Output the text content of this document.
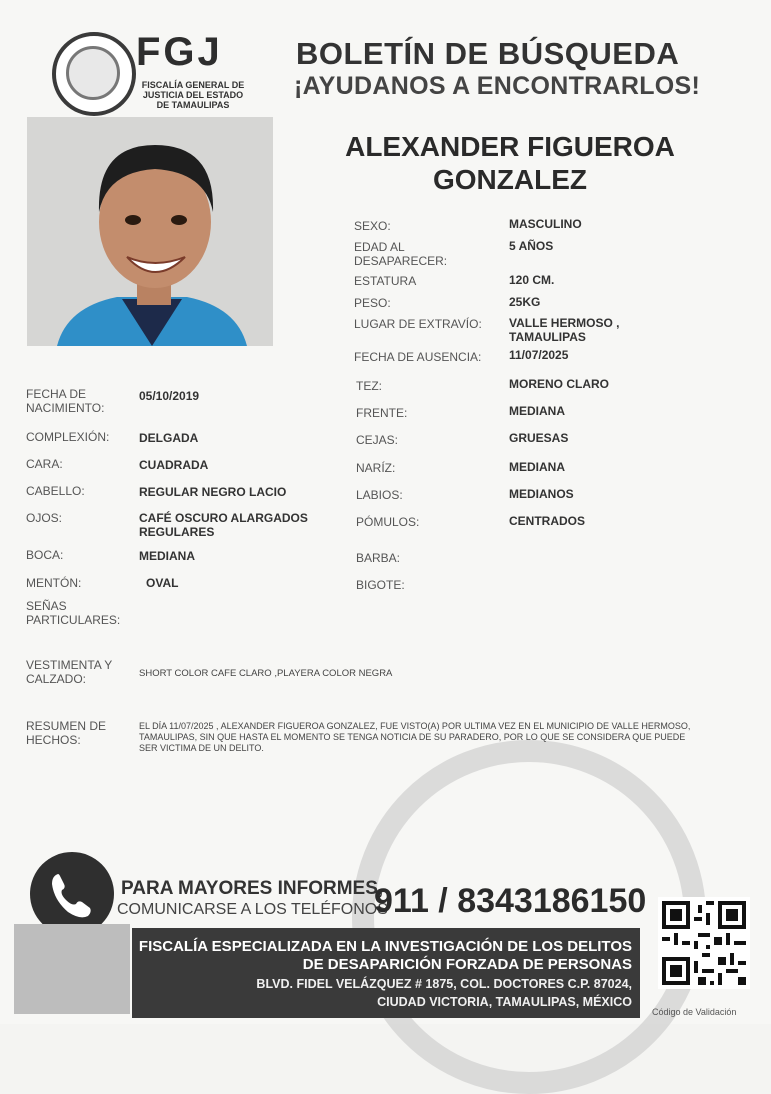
FGJ
FISCALÍA GENERAL DE JUSTICIA DEL ESTADO DE TAMAULIPAS
BOLETÍN DE BÚSQUEDA
¡AYUDANOS A ENCONTRARLOS!
ALEXANDER FIGUEROA GONZALEZ
SEXO:	MASCULINO
EDAD AL DESAPARECER:
5 AÑOS
ESTATURA	120 CM.
PESO:	25KG
LUGAR DE EXTRAVÍO: VALLE HERMOSO , TAMAULIPAS
FECHA DE AUSENCIA: 11/07/2025
TEZ:	MORENO CLARO
FRENTE:	MEDIANA
CEJAS:	GRUESAS
NARÍZ:	MEDIANA
LABIOS:	MEDIANOS
PÓMULOS:	CENTRADOS
BARBA:
BIGOTE:
FECHA DE NACIMIENTO:
05/10/2019
COMPLEXIÓN: DELGADA
CARA:	CUADRADA
CABELLO:	REGULAR NEGRO LACIO
OJOS:	CAFÉ OSCURO ALARGADOS REGULARES
BOCA:	MEDIANA
MENTÓN:	OVAL
SEÑAS PARTICULARES:
VESTIMENTA Y CALZADO:	SHORT COLOR CAFE CLARO ,PLAYERA COLOR NEGRA
RESUMEN DE HECHOS:
EL DÍA 11/07/2025 , ALEXANDER FIGUEROA GONZALEZ, FUE VISTO(A) POR ULTIMA VEZ EN EL MUNICIPIO DE VALLE HERMOSO, TAMAULIPAS, SIN QUE HASTA EL MOMENTO SE TENGA NOTICIA DE SU PARADERO, POR LO QUE SE CONSIDERA QUE PUEDE SER VICTIMA DE UN DELITO.
PARA MAYORES INFORMES,
COMUNICARSE A LOS TELÉFONOS
911 / 8343186150
FISCALÍA ESPECIALIZADA EN LA INVESTIGACIÓN DE LOS DELITOS DE DESAPARICIÓN FORZADA DE PERSONAS
BLVD. FIDEL VELÁZQUEZ # 1875, COL. DOCTORES C.P. 87024,
CIUDAD VICTORIA, TAMAULIPAS, MÉXICO
Código de Validación
